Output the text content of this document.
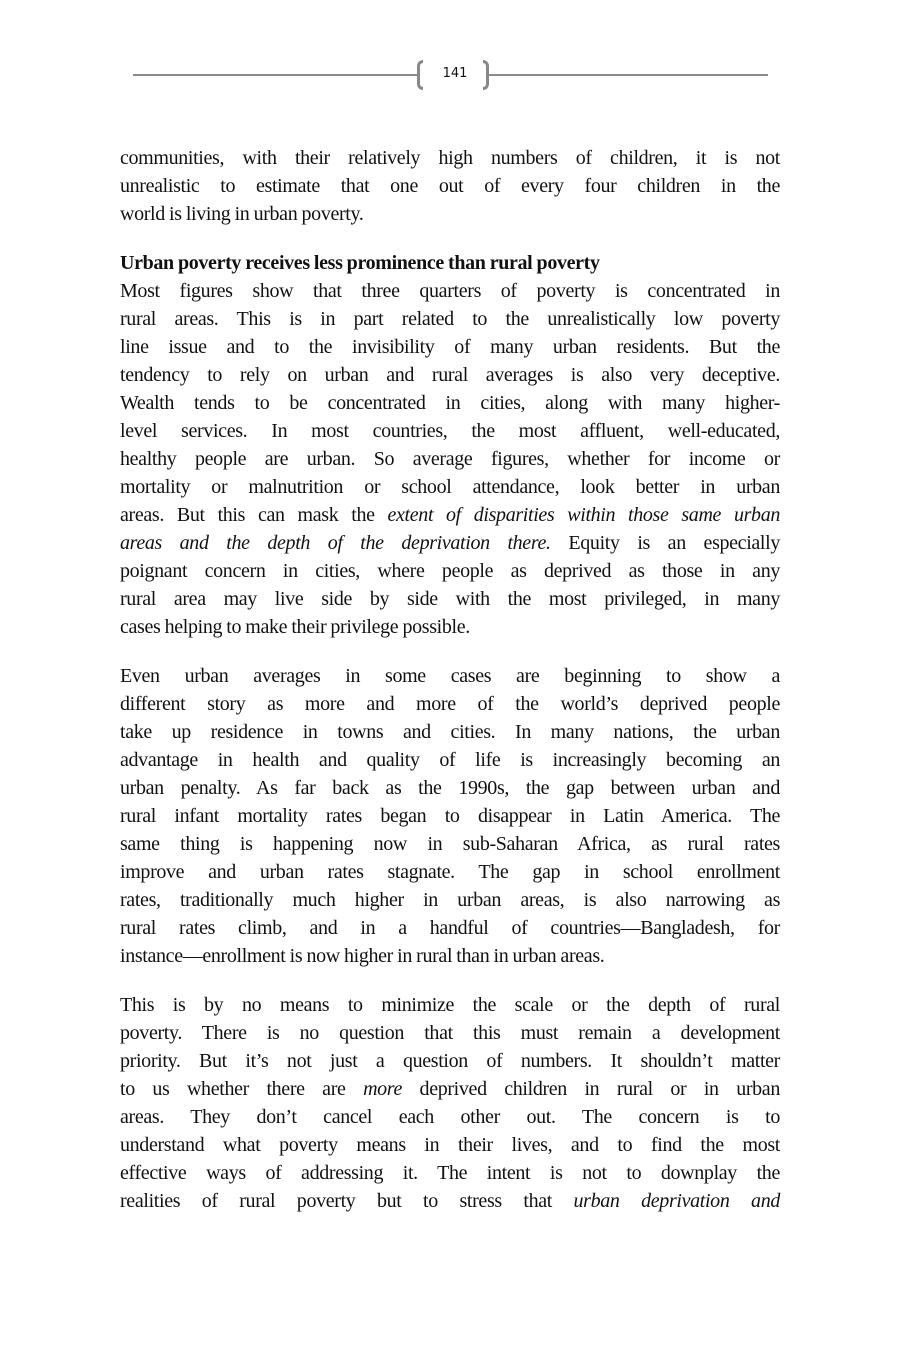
141
communities, with their relatively high numbers of children, it is not
unrealistic to estimate that one out of every four children in the
world is living in urban poverty.
Urban poverty receives less prominence than rural poverty
Most figures show that three quarters of poverty is concentrated in
rural areas. This is in part related to the unrealistically low poverty
line issue and to the invisibility of many urban residents. But the
tendency to rely on urban and rural averages is also very deceptive.
Wealth tends to be concentrated in cities, along with many higher-
level services. In most countries, the most affluent, well-educated,
healthy people are urban. So average figures, whether for income or
mortality or malnutrition or school attendance, look better in urban
areas. But this can mask the extent of disparities within those same urban
areas and the depth of the deprivation there. Equity is an especially
poignant concern in cities, where people as deprived as those in any
rural area may live side by side with the most privileged, in many
cases helping to make their privilege possible.
Even urban averages in some cases are beginning to show a
different story as more and more of the world’s deprived people
take up residence in towns and cities. In many nations, the urban
advantage in health and quality of life is increasingly becoming an
urban penalty. As far back as the 1990s, the gap between urban and
rural infant mortality rates began to disappear in Latin America. The
same thing is happening now in sub-Saharan Africa, as rural rates
improve and urban rates stagnate. The gap in school enrollment
rates, traditionally much higher in urban areas, is also narrowing as
rural rates climb, and in a handful of countries—Bangladesh, for
instance—enrollment is now higher in rural than in urban areas.
This is by no means to minimize the scale or the depth of rural
poverty. There is no question that this must remain a development
priority. But it’s not just a question of numbers. It shouldn’t matter
to us whether there are more deprived children in rural or in urban
areas. They don’t cancel each other out. The concern is to
understand what poverty means in their lives, and to find the most
effective ways of addressing it. The intent is not to downplay the
realities of rural poverty but to stress that urban deprivation and
